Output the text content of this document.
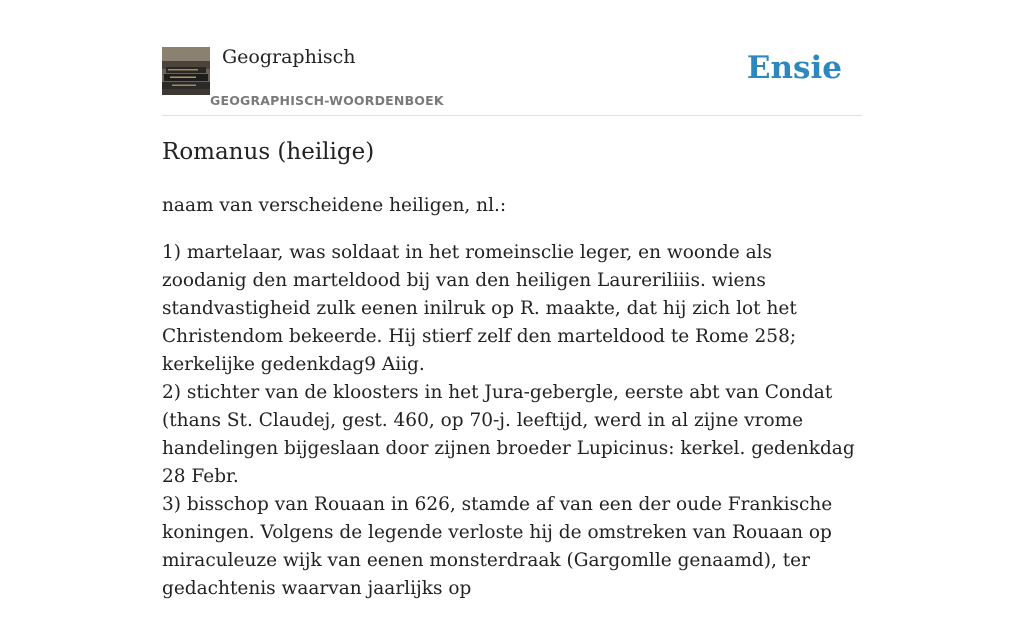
Geographisch
GEOGRAPHISCH-WOORDENBOEK
Ensie
Romanus (heilige)

naam van verscheidene heiligen, nl.:

1) martelaar, was soldaat in het romeinsclie leger, en woonde als zoodanig den marteldood bij van den heiligen Laureriliiis. wiens standvastigheid zulk eenen inilruk op R. maakte, dat hij zich lot het Christendom bekeerde. Hij stierf zelf den marteldood te Rome 258; kerkelijke gedenkdag9 Aiig.
2) stichter van de kloosters in het Jura-gebergle, eerste abt van Condat (thans St. Claudej, gest. 460, op 70-j. leeftijd, werd in al zijne vrome handelingen bijgeslaan door zijnen broeder Lupicinus: kerkel. gedenkdag 28 Febr.
3) bisschop van Rouaan in 626, stamde af van een der oude Frankische koningen. Volgens de legende verloste hij de omstreken van Rouaan op miraculeuze wijk van eenen monsterdraak (Gargomlle genaamd), ter gedachtenis waarvan jaarlijks op
